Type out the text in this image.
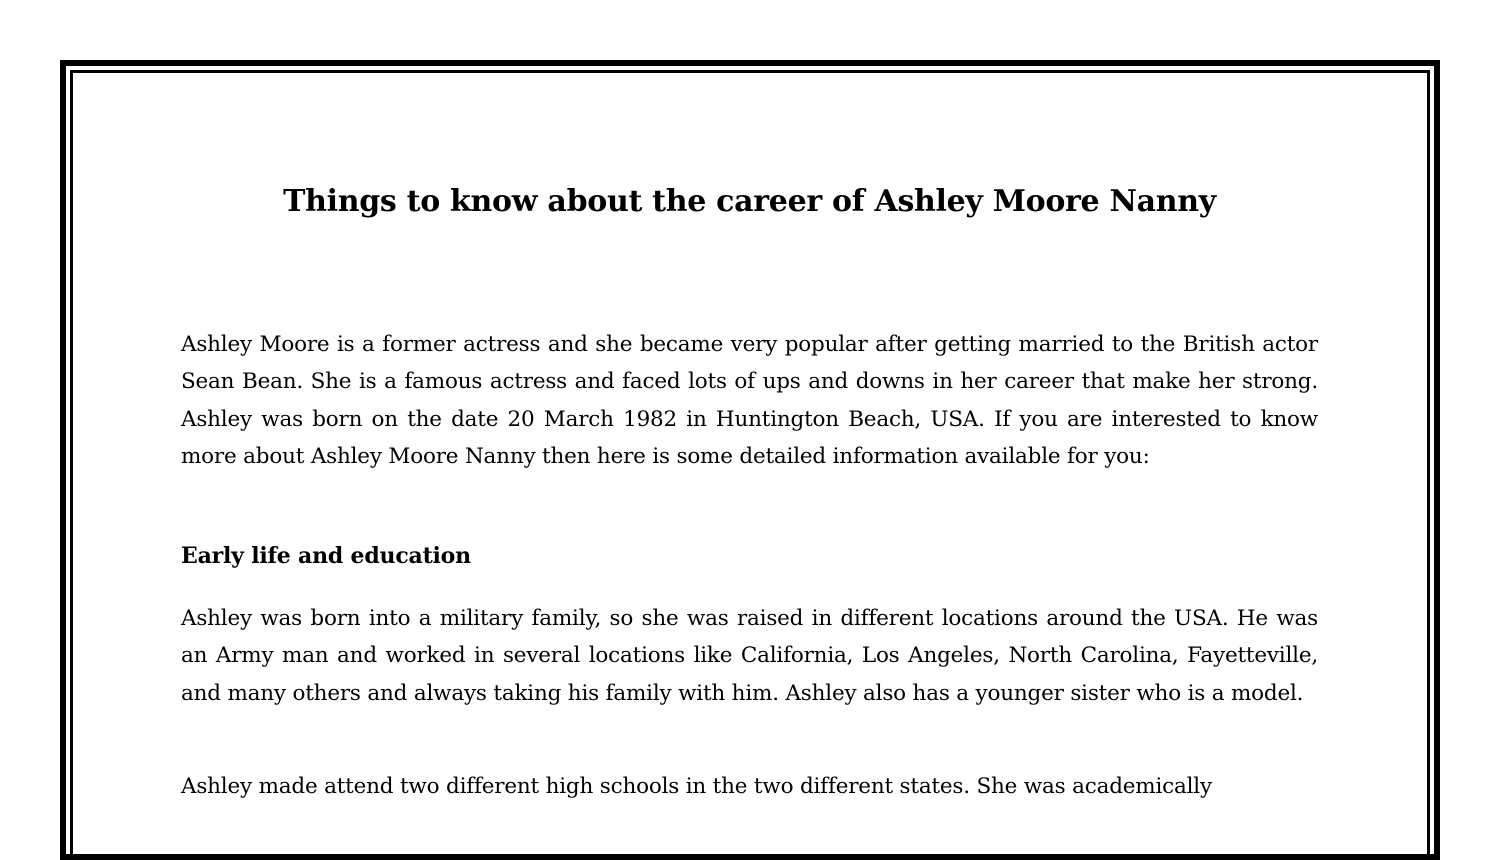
Things to know about the career of Ashley Moore Nanny

Ashley Moore is a former actress and she became very popular after getting married to the British actor Sean Bean. She is a famous actress and faced lots of ups and downs in her career that make her strong. Ashley was born on the date 20 March 1982 in Huntington Beach, USA. If you are interested to know more about Ashley Moore Nanny then here is some detailed information available for you:

Early life and education

Ashley was born into a military family, so she was raised in different locations around the USA. He was an Army man and worked in several locations like California, Los Angeles, North Carolina, Fayetteville, and many others and always taking his family with him. Ashley also has a younger sister who is a model.

Ashley made attend two different high schools in the two different states. She was academically
